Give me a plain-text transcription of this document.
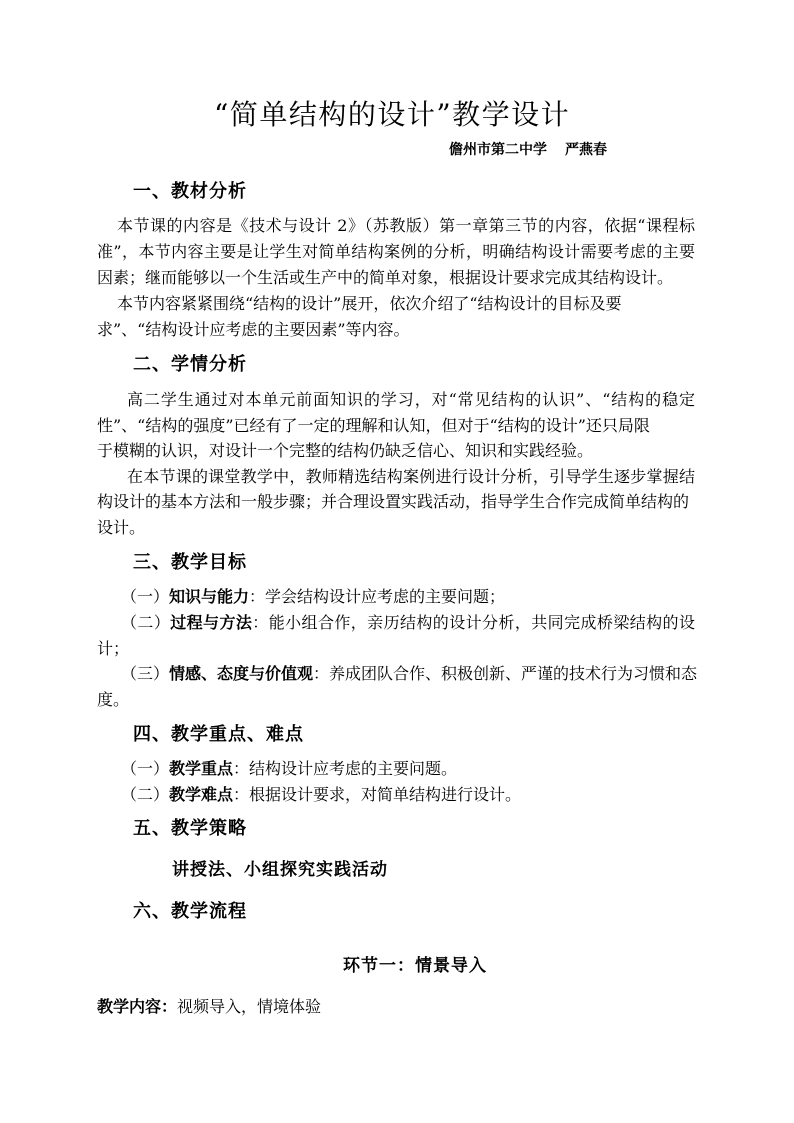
“简单结构的设计”教学设计
儋州市第二中学 严燕春
一、教材分析
本节课的内容是《技术与设计 2》（苏教版）第一章第三节的内容，依据“课程标
准”，本节内容主要是让学生对简单结构案例的分析，明确结构设计需要考虑的主要
因素；继而能够以一个生活或生产中的简单对象，根据设计要求完成其结构设计。
本节内容紧紧围绕“结构的设计”展开，依次介绍了“结构设计的目标及要
求”、“结构设计应考虑的主要因素”等内容。
二、学情分析
高二学生通过对本单元前面知识的学习，对“常见结构的认识”、“结构的稳定
性”、“结构的强度”已经有了一定的理解和认知，但对于“结构的设计”还只局限
于模糊的认识，对设计一个完整的结构仍缺乏信心、知识和实践经验。
在本节课的课堂教学中，教师精选结构案例进行设计分析，引导学生逐步掌握结
构设计的基本方法和一般步骤；并合理设置实践活动，指导学生合作完成简单结构的
设计。
三、教学目标
（一）知识与能力：学会结构设计应考虑的主要问题；
（二）过程与方法：能小组合作，亲历结构的设计分析，共同完成桥梁结构的设
计；
（三）情感、态度与价值观：养成团队合作、积极创新、严谨的技术行为习惯和态
度。
四、教学重点、难点
（一）教学重点：结构设计应考虑的主要问题。
（二）教学难点：根据设计要求，对简单结构进行设计。
五、教学策略
讲授法、小组探究实践活动
六、教学流程
环节一：情景导入
教学内容：视频导入，情境体验
